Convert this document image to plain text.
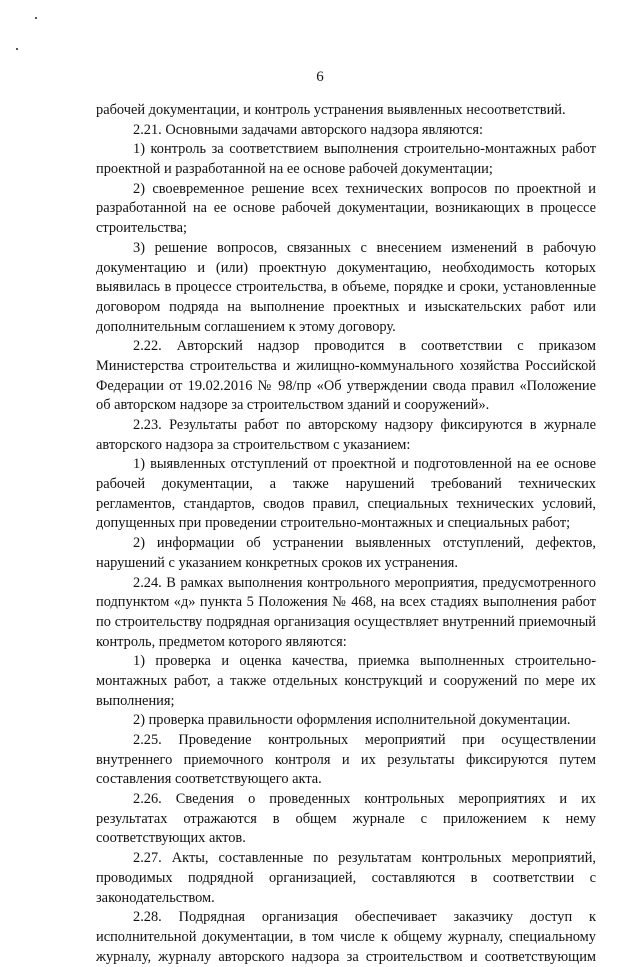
6
рабочей документации, и контроль устранения выявленных несоответствий.
2.21. Основными задачами авторского надзора являются:
1) контроль за соответствием выполнения строительно-монтажных работ
проектной и разработанной на ее основе рабочей документации;
2) своевременное решение всех технических вопросов по проектной и
разработанной на ее основе рабочей документации, возникающих в процессе
строительства;
3) решение вопросов, связанных с внесением изменений в рабочую
документацию и (или) проектную документацию, необходимость которых
выявилась в процессе строительства, в объеме, порядке и сроки, установленные
договором подряда на выполнение проектных и изыскательских работ или
дополнительным соглашением к этому договору.
2.22. Авторский надзор проводится в соответствии с приказом
Министерства строительства и жилищно-коммунального хозяйства Российской
Федерации от 19.02.2016 № 98/пр «Об утверждении свода правил «Положение
об авторском надзоре за строительством зданий и сооружений».
2.23. Результаты работ по авторскому надзору фиксируются в журнале
авторского надзора за строительством с указанием:
1) выявленных отступлений от проектной и подготовленной на ее основе
рабочей документации, а также нарушений требований технических
регламентов, стандартов, сводов правил, специальных технических условий,
допущенных при проведении строительно-монтажных и специальных работ;
2) информации об устранении выявленных отступлений, дефектов,
нарушений с указанием конкретных сроков их устранения.
2.24. В рамках выполнения контрольного мероприятия, предусмотренного
подпунктом «д» пункта 5 Положения № 468, на всех стадиях выполнения работ
по строительству подрядная организация осуществляет внутренний приемочный
контроль, предметом которого являются:
1) проверка и оценка качества, приемка выполненных строительно-
монтажных работ, а также отдельных конструкций и сооружений по мере их
выполнения;
2) проверка правильности оформления исполнительной документации.
2.25. Проведение контрольных мероприятий при осуществлении
внутреннего приемочного контроля и их результаты фиксируются путем
составления соответствующего акта.
2.26. Сведения о проведенных контрольных мероприятиях и их
результатах отражаются в общем журнале с приложением к нему
соответствующих актов.
2.27. Акты, составленные по результатам контрольных мероприятий,
проводимых подрядной организацией, составляются в соответствии с
законодательством.
2.28. Подрядная организация обеспечивает заказчику доступ к
исполнительной документации, в том числе к общему журналу, специальному
журналу, журналу авторского надзора за строительством и соответствующим
